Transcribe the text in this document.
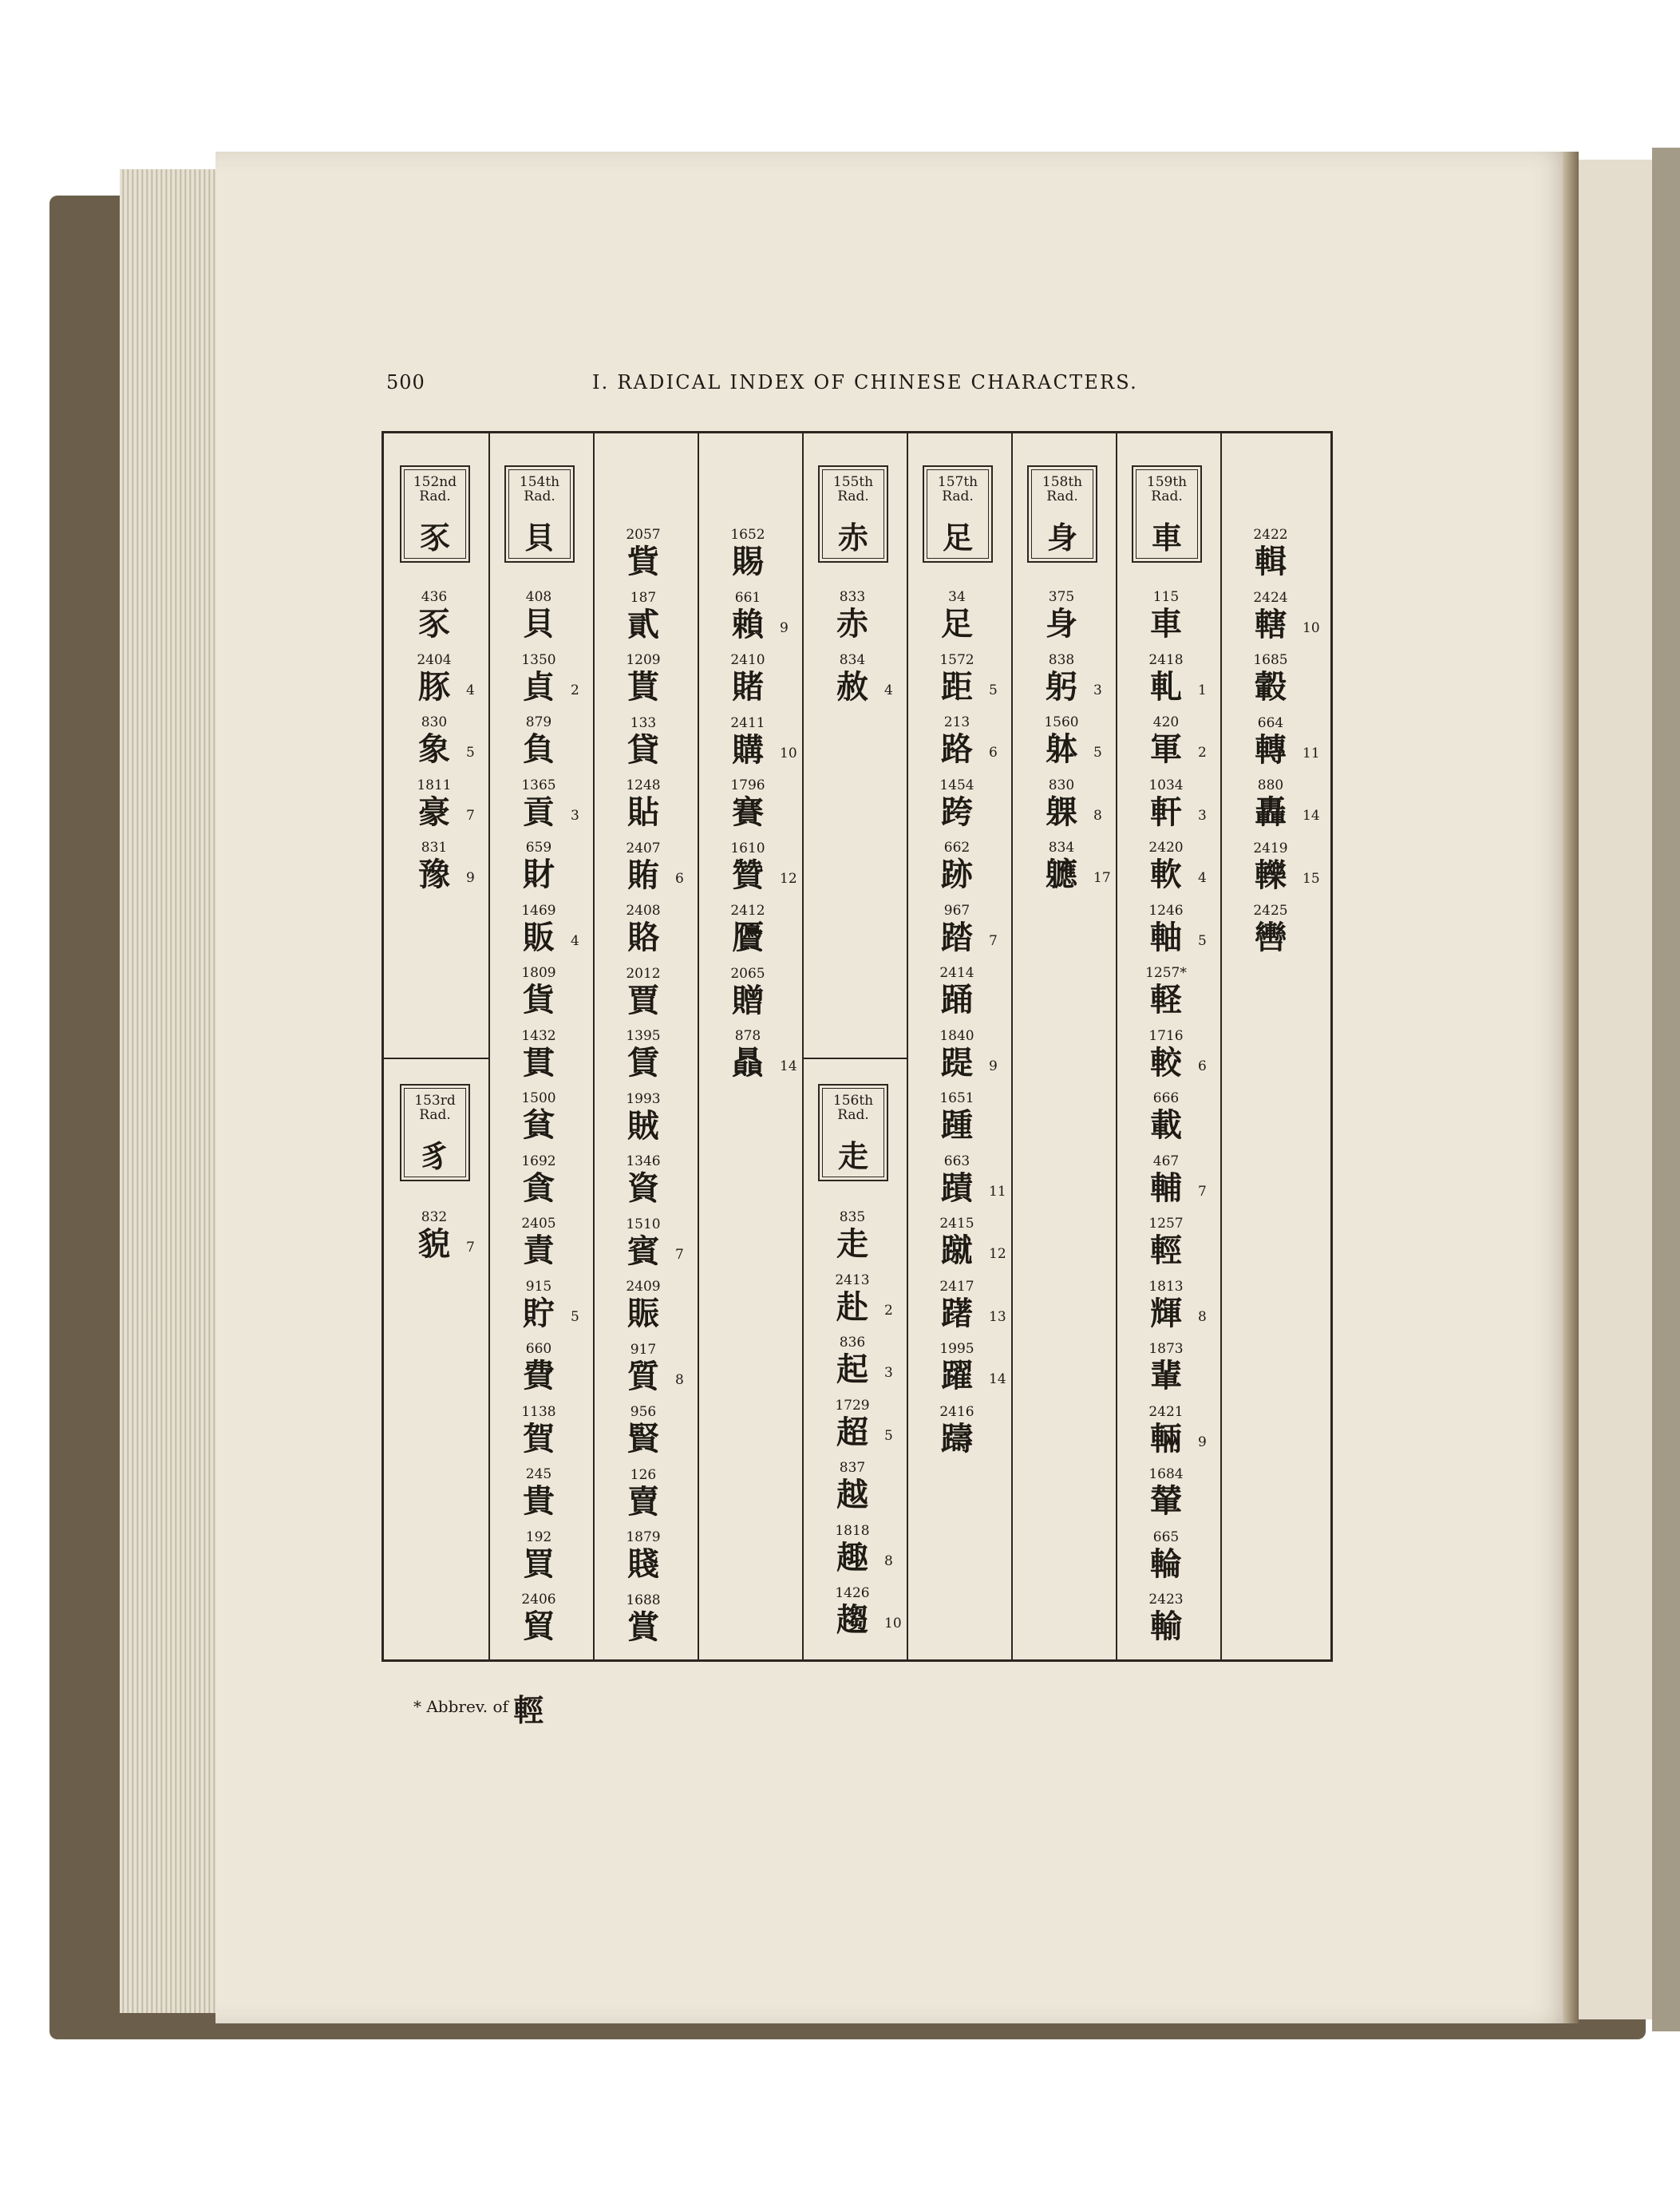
500	I. RADICAL INDEX OF CHINESE CHARACTERS.
152nd
Rad.
豕
436
豕
2404
豚	4
830
象	5
1811
豪	7
831
豫	9
153rd
Rad.
豸
832
貌	7
154th
Rad.
貝
408
貝
1350
貞	2
879
負
1365
貢	3
659
財
1469
販	4
1809
貨
1432
貫
1500
貧
1692
貪
2405
責
915
貯	5
660
費
1138
賀
245
貴
192
買
2406
貿
2057
貲
187
貳
1209
貰
133
貸
1248
貼
2407
賄	6
2408
賂
2012
賈
1395
賃
1993
賊
1346
資
1510
賓	7
2409
賑
917
質	8
956
賢
126
賣
1879
賤
1688
賞
1652
賜
661
賴	9
2410
賭
2411
購	10
1796
賽
1610
贊	12
2412
贗
2065
贈
878
贔	14
155th
Rad.
赤
833
赤
834
赦	4
156th
Rad.
走
835
走
2413
赴	2
836
起	3
1729
超	5
837
越
1818
趣	8
1426
趨	10
157th
Rad.
足
34
足
1572
距	5
213
路	6
1454
跨
662
跡
967
踏	7
2414
踊
1840
踶	9
1651
踵
663
蹟	11
2415
蹴	12
2417
躇	13
1995
躍	14
2416
躊
158th
Rad.
身
375
身
838
躬	3
1560
躰	5
830
躶	8
834
軈	17
159th
Rad.
車
115
車
2418
軋	1
420
軍	2
1034
軒	3
2420
軟	4
1246
軸	5
1257*
軽
1716
較	6
666
載
467
輔	7
1257
輕
1813
輝	8
1873
輩
2421
輛	9
1684
輦
665
輪
2423
輸
2422
輯
2424
轄	10
1685
轂
664
轉	11
880
轟	14
2419
轢	15
2425
轡
* Abbrev. of 輕
